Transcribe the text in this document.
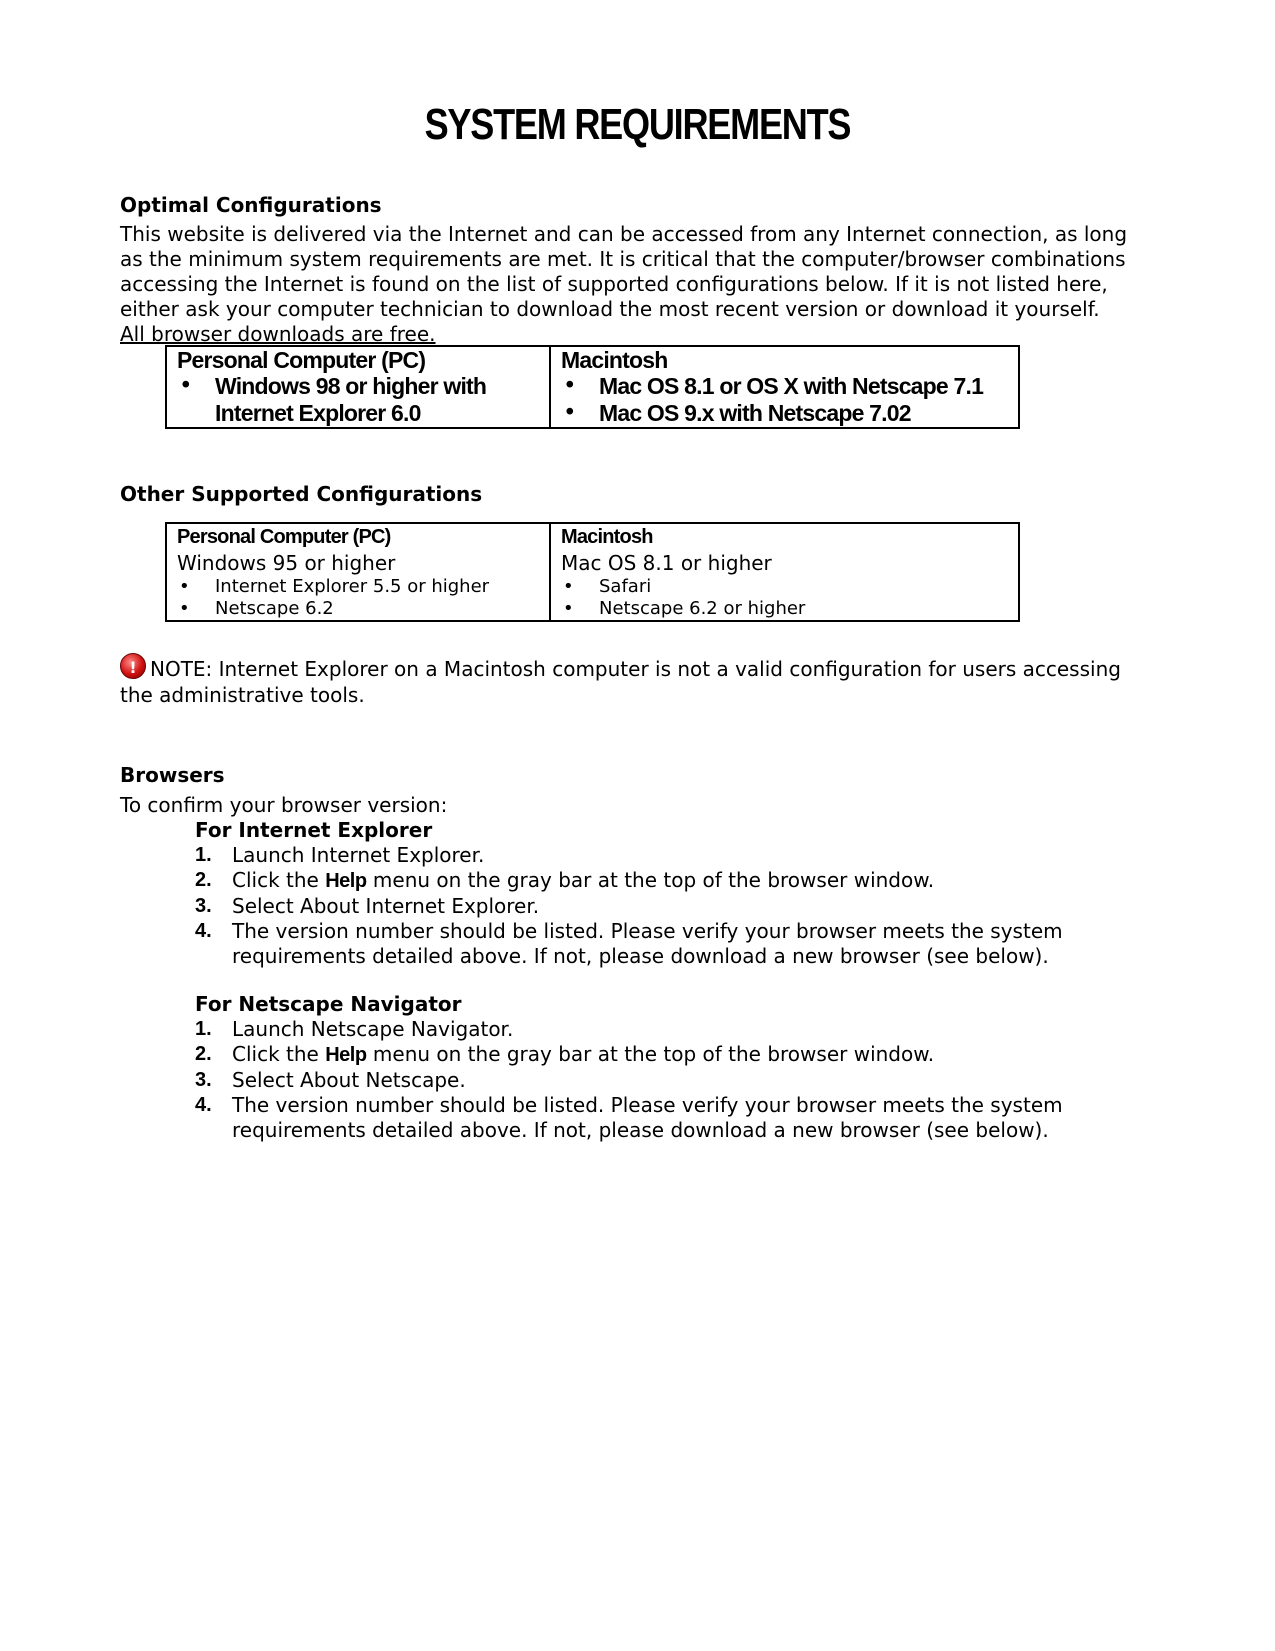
SYSTEM REQUIREMENTS
Optimal Configurations
This website is delivered via the Internet and can be accessed from any Internet connection, as long as the minimum system requirements are met. It is critical that the computer/browser combinations accessing the Internet is found on the list of supported configurations below. If it is not listed here, either ask your computer technician to download the most recent version or download it yourself. All browser downloads are free.
Personal Computer (PC)
• Windows 98 or higher with Internet Explorer 6.0

Macintosh
• Mac OS 8.1 or OS X with Netscape 7.1
• Mac OS 9.x with Netscape 7.02
Other Supported Configurations
Personal Computer (PC)
Windows 95 or higher
• Internet Explorer 5.5 or higher
• Netscape 6.2

Macintosh
Mac OS 8.1 or higher
• Safari
• Netscape 6.2 or higher
! NOTE: Internet Explorer on a Macintosh computer is not a valid configuration for users accessing the administrative tools.
Browsers
To confirm your browser version:
For Internet Explorer
1. Launch Internet Explorer.
2. Click the Help menu on the gray bar at the top of the browser window.
3. Select About Internet Explorer.
4. The version number should be listed. Please verify your browser meets the system requirements detailed above. If not, please download a new browser (see below).
For Netscape Navigator
1. Launch Netscape Navigator.
2. Click the Help menu on the gray bar at the top of the browser window.
3. Select About Netscape.
4. The version number should be listed. Please verify your browser meets the system requirements detailed above. If not, please download a new browser (see below).
